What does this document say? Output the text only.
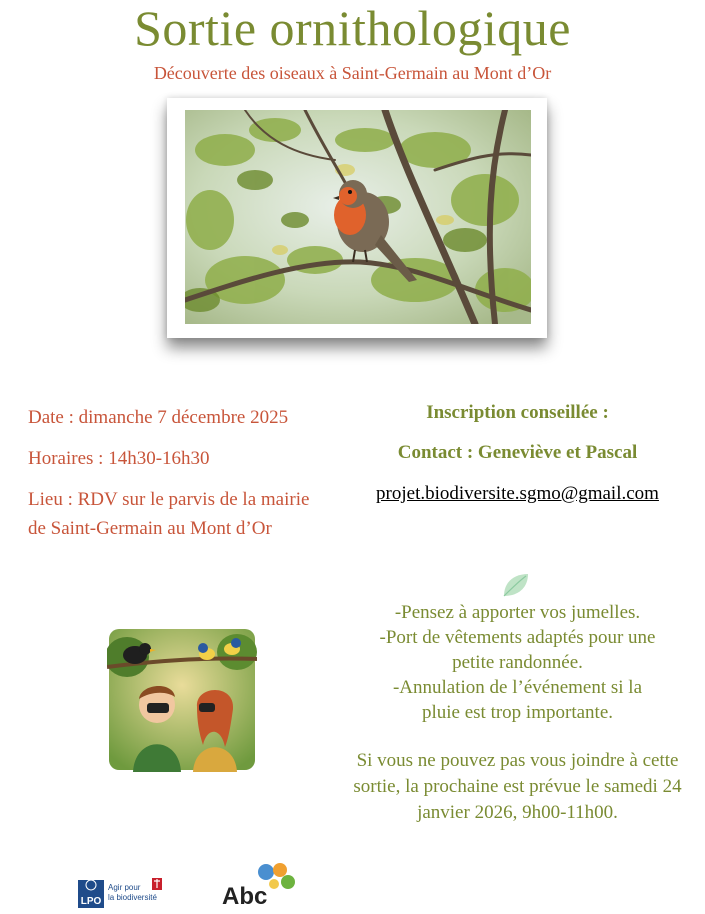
Sortie ornithologique
Découverte des oiseaux à Saint-Germain au Mont d’Or
Date : dimanche 7 décembre 2025
Horaires : 14h30-16h30
Lieu : RDV sur le parvis de la mairie de Saint-Germain au Mont d’Or
Inscription conseillée :
Contact : Geneviève et Pascal
projet.biodiversite.sgmo@gmail.com
-Pensez à apporter vos jumelles.
-Port de vêtements adaptés pour une petite randonnée.
-Annulation de l’événement si la pluie est trop importante.
Si vous ne pouvez pas vous joindre à cette sortie, la prochaine est prévue le samedi 24 janvier 2026, 9h00-11h00.
LPO
Agir pour
la biodiversité	Abc
